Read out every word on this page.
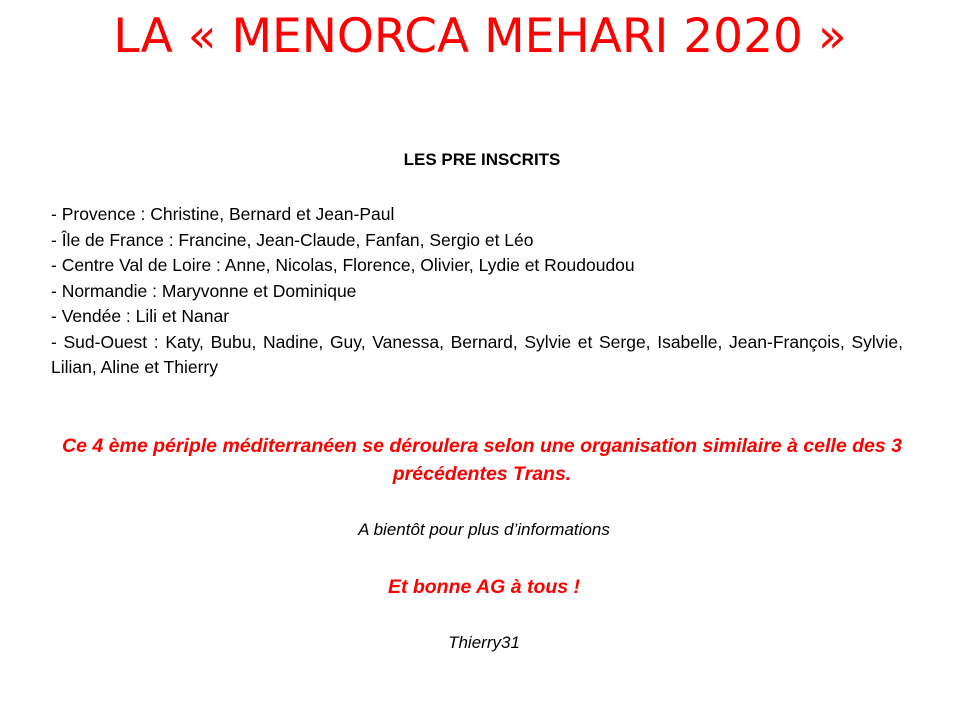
LA « MENORCA MEHARI 2020 »
LES PRE INSCRITS
- Provence : Christine, Bernard et Jean-Paul
- Île de France : Francine, Jean-Claude, Fanfan, Sergio et Léo
- Centre Val de Loire : Anne, Nicolas, Florence, Olivier, Lydie et Roudoudou
- Normandie : Maryvonne et Dominique
- Vendée : Lili et Nanar
- Sud-Ouest : Katy, Bubu, Nadine, Guy, Vanessa, Bernard, Sylvie et Serge, Isabelle, Jean-François, Sylvie, Lilian, Aline et Thierry
Ce 4 ème périple méditerranéen se déroulera selon une organisation similaire à celle des 3 précédentes Trans.
A bientôt pour plus d’informations
Et bonne AG à tous !
Thierry31
